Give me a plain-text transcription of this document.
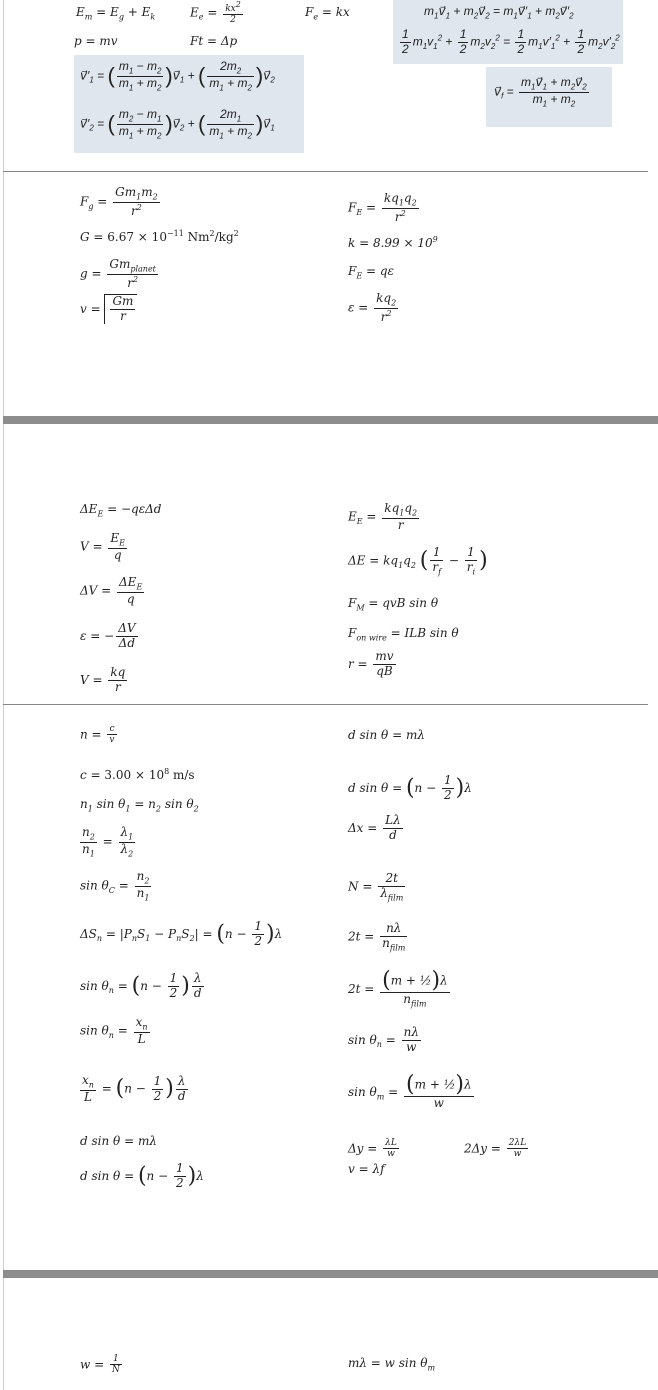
$E_m = E_g + E_k$	$E_e = \frac{kx^2}{2}$	$F_e$ = kx	$m_1v⃗_1$ + $m_2v⃗_2$ = $m_1v⃗'_1$ + $m_2v⃗'_2$
p = mv	Ft = Δp	$\frac{1}{2} m_1v_1^2 + \frac{1}{2} m_2v_2^2 = \frac{1}{2} m_1v'_1^2 + \frac{1}{2} m_2v'_2^2$
$v⃗'_1$ = ( $\frac{m_1 - m_2}{m_1 + m_2}$ )$v⃗_1$ + ( $\frac{2m_2}{m_1 + m_2}$ )$v⃗_2$
$v⃗'_2$ = ( $\frac{m_2 - m_1}{m_1 + m_2}$ )$v⃗_2$ + ( $\frac{2m_1}{m_1 + m_2}$ )$v⃗_1$
$v⃗_f = \frac{m_1v⃗_1 + m_2v⃗_2}{m_1 + m_2}$
$F_g = \frac{Gm_1m_2}{r^2}$	$F_E = \frac{kq_1q_2}{r^2}$
$G = 6.67 \times 10^{-11}$ $Nm^2/kg^2$
$k = 8.99 \times 10^9$
$g = \frac{Gm_{planet}}{r^2}$	$F_E = q\varepsilon$
$v = \frac{Gm}{r}$	$\varepsilon = \frac{kq_2}{r^2}$
$\Delta E_E = -q\varepsilon\Delta d$
$V = \frac{E_E}{q}$
$\Delta V = \frac{\Delta E_E}{q}$
ε = − $\frac{\Delta V}{\Delta d}$
$V = \frac{kq}{r}$
$E_E = \frac{kq_1q_2}{r}$
$\Delta E = kq_1q_2$ ( $\frac{1}{r_f} - \frac{1}{r_i}$ )
$F_M$ = qvB sin θ
$F_{on wire}$ = ILB sin θ
$r = \frac{mv}{qB}$
$n = \frac{c}{v}$
$c = 3.00 \times 10^8$ m/s
$n_1$ $\sin \theta_1 = n_2$ $\sin \theta_2$
$\frac{n_2}{n_1} = \frac{\lambda_1}{\lambda_2}$
$\sin \theta_C = \frac{n_2}{n_1}$
$\Delta S_n = |P_nS_1 - P_nS_2| = (n - \frac{1}{2} )\lambda$
$\sin \theta_n = (n - \frac{1}{2}$ ) $\frac{\lambda}{d}$
$\sin \theta_n = \frac{x_n}{L}$
$\frac{x_n}{L} = (n - \frac{1}{2}$ ) $\frac{\lambda}{d}$
d sin θ = mλ
d $\sin \theta = (n - \frac{1}{2} )\lambda$
d sin θ = mλ
d $\sin \theta = (n - \frac{1}{2} )\lambda$
$\Delta x = \frac{L\lambda}{d}$
$N = \frac{2t}{\lambda_{film}}$
$2t = \frac{n\lambda}{n_{film}}$
$2t = \frac{\text{(m + ½)λ}}{n_{film}}$
$\sin \theta_n = \frac{n\lambda}{w}$
$\sin \theta_m = \frac{\text{(m + ½)λ}}{w}$
$\Delta y = \frac{\lambda L}{w}$	$2\Delta y = \frac{2\lambda L}{w}$
v = λf
$w = \frac{1}{N}$	mλ = w $\sin \theta_m$
